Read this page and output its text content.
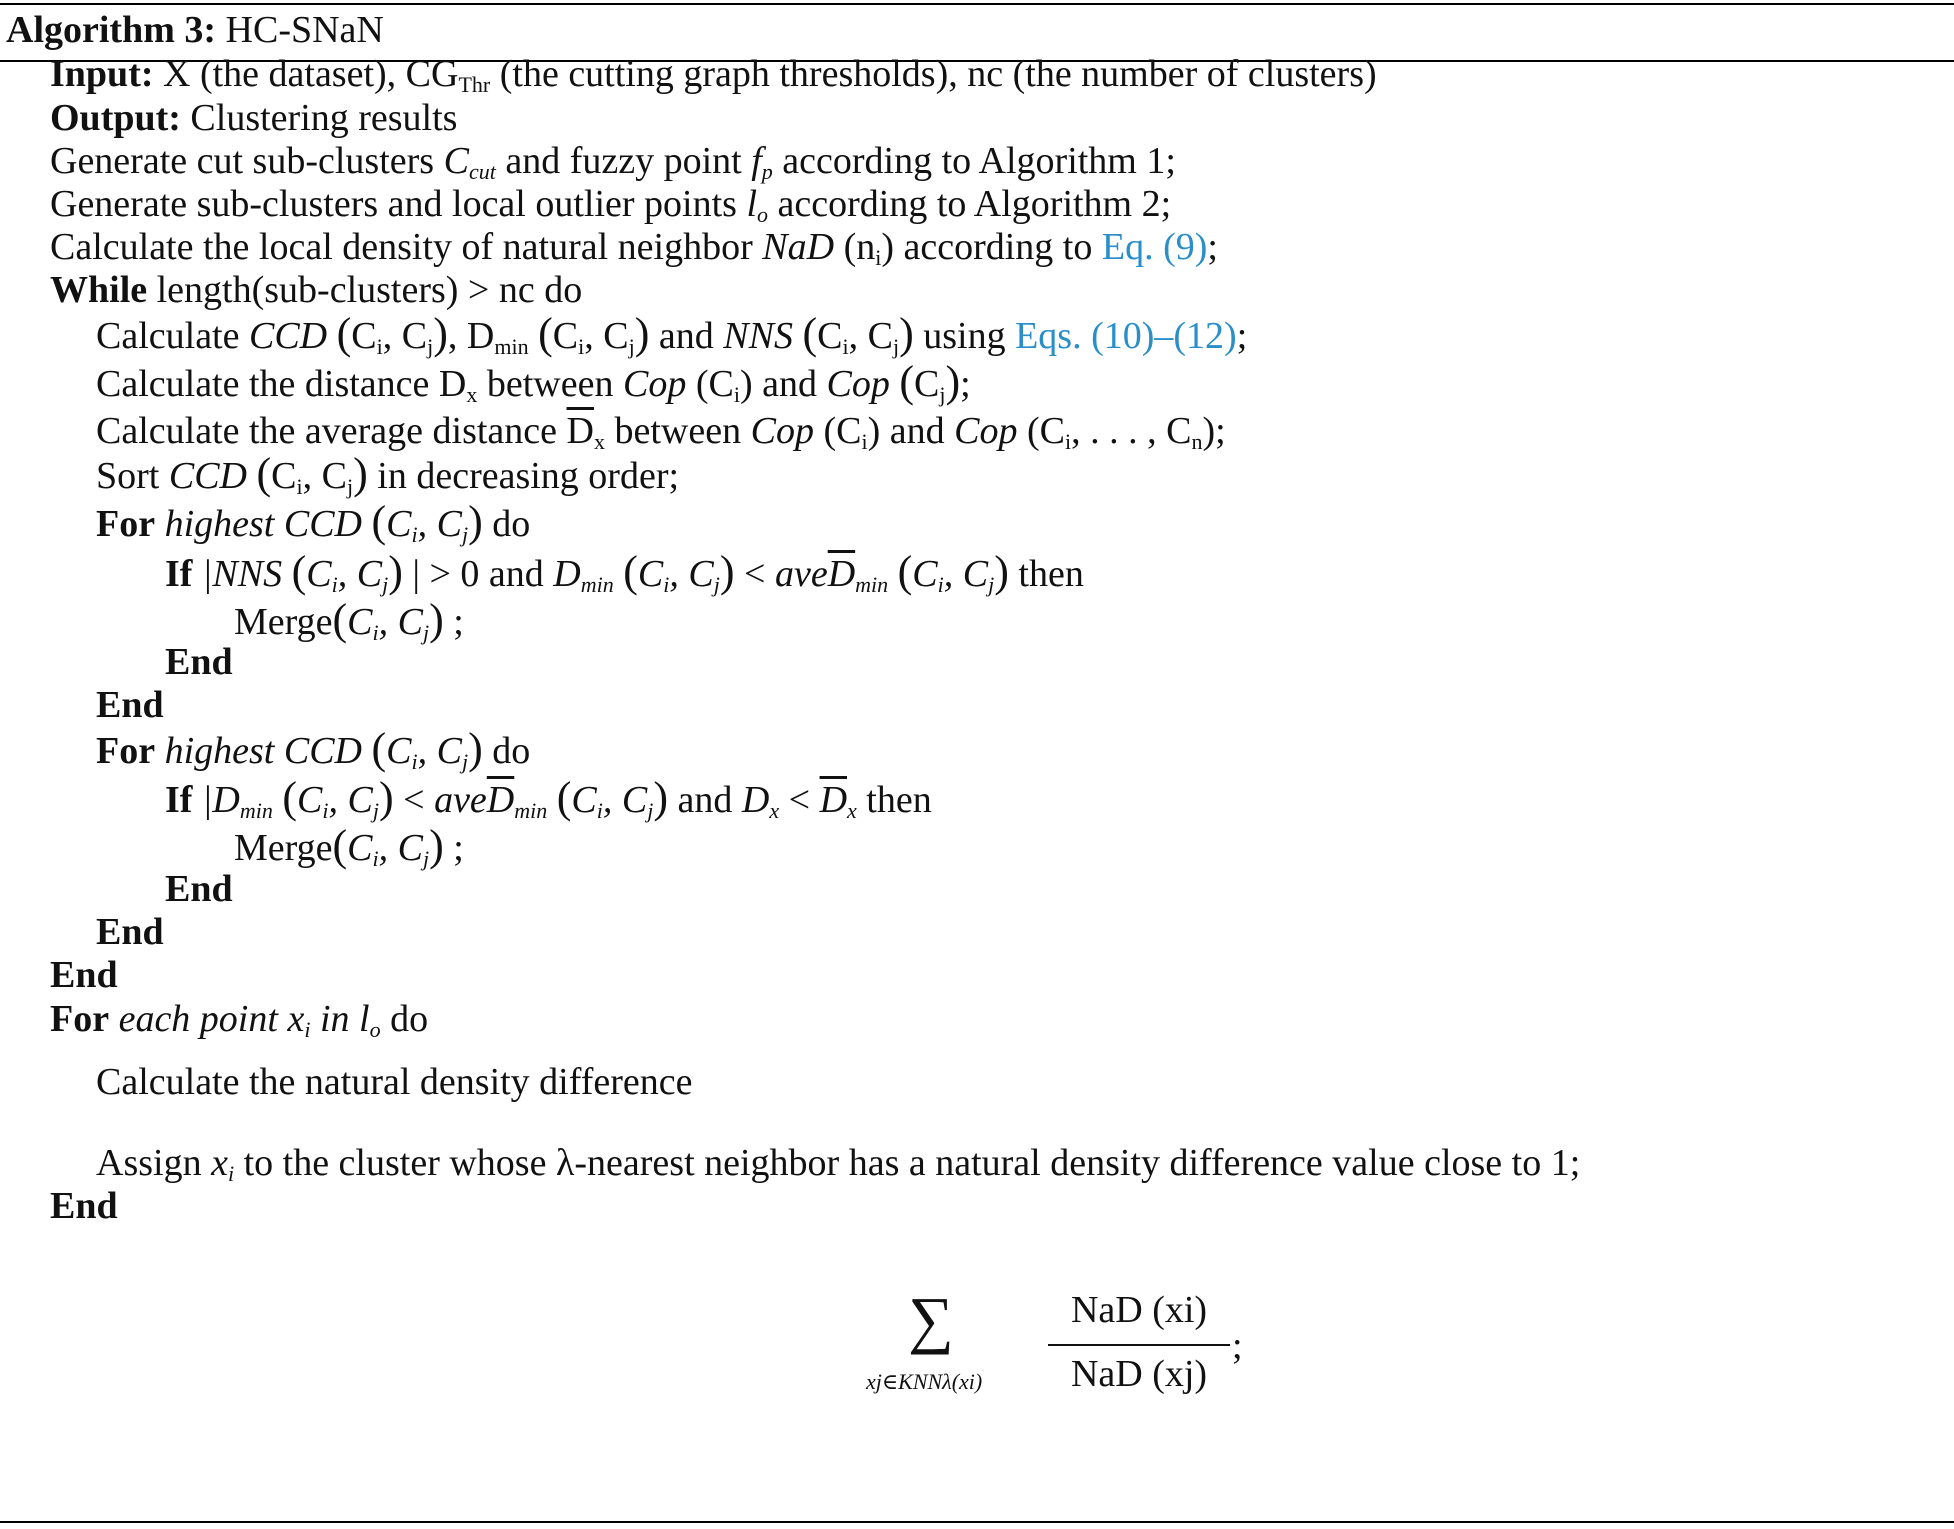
Algorithm 3: HC-SNaN
Input: X (the dataset), $CG_{Thr}$ (the cutting graph thresholds), nc (the number of clusters)
Output: Clustering results
Generate cut sub-clusters $C_{cut}$ and fuzzy point $f_p$ according to Algorithm 1;
Generate sub-clusters and local outlier points $l_o$ according to Algorithm 2;
Calculate the local density of natural neighbor NaD $(n_i)$ according to Eq. (9);
While length(sub-clusters) > nc do
Calculate CCD ($C_i$, $C_j$), $D_{min}$ ($C_i$, $C_j$) and NNS ($C_i$, $C_j$) using Eqs. (10)–(12);
Calculate the distance $D_x$ between Cop $(C_i)$ and Cop $(C_j)$;
Calculate the average distance $\overline{D}_x$ between Cop $(C_i)$ and Cop ($C_i$, . . . , $C_n$);
Sort CCD ($C_i$, $C_j$) in decreasing order;
For highest CCD ($C_i$, $C_j$) do
If |NNS ($C_i$, $C_j$) | > 0 and $D_{min}$ ($C_i$, $C_j) < ave\overline{D}_{min}$ ($C_i$, $C_j$) then
$Merge(C_i$, $C_j$) ;
End
End
For highest CCD ($C_i$, $C_j$) do
If $|D_{min}$ ($C_i$, $C_j) < ave\overline{D}_{min}$ ($C_i$, $C_j$) and $D_x < \overline{D}_x$ then
$Merge(C_i$, $C_j$) ;
End
End
End
For each point $x_i$ in $l_o$ do
Calculate the natural density difference
∑
xj∈KNNλ(xi)
NaD (xi)
NaD (xj)
;
Assign $x_i$ to the cluster whose λ-nearest neighbor has a natural density difference value close to 1;
End
